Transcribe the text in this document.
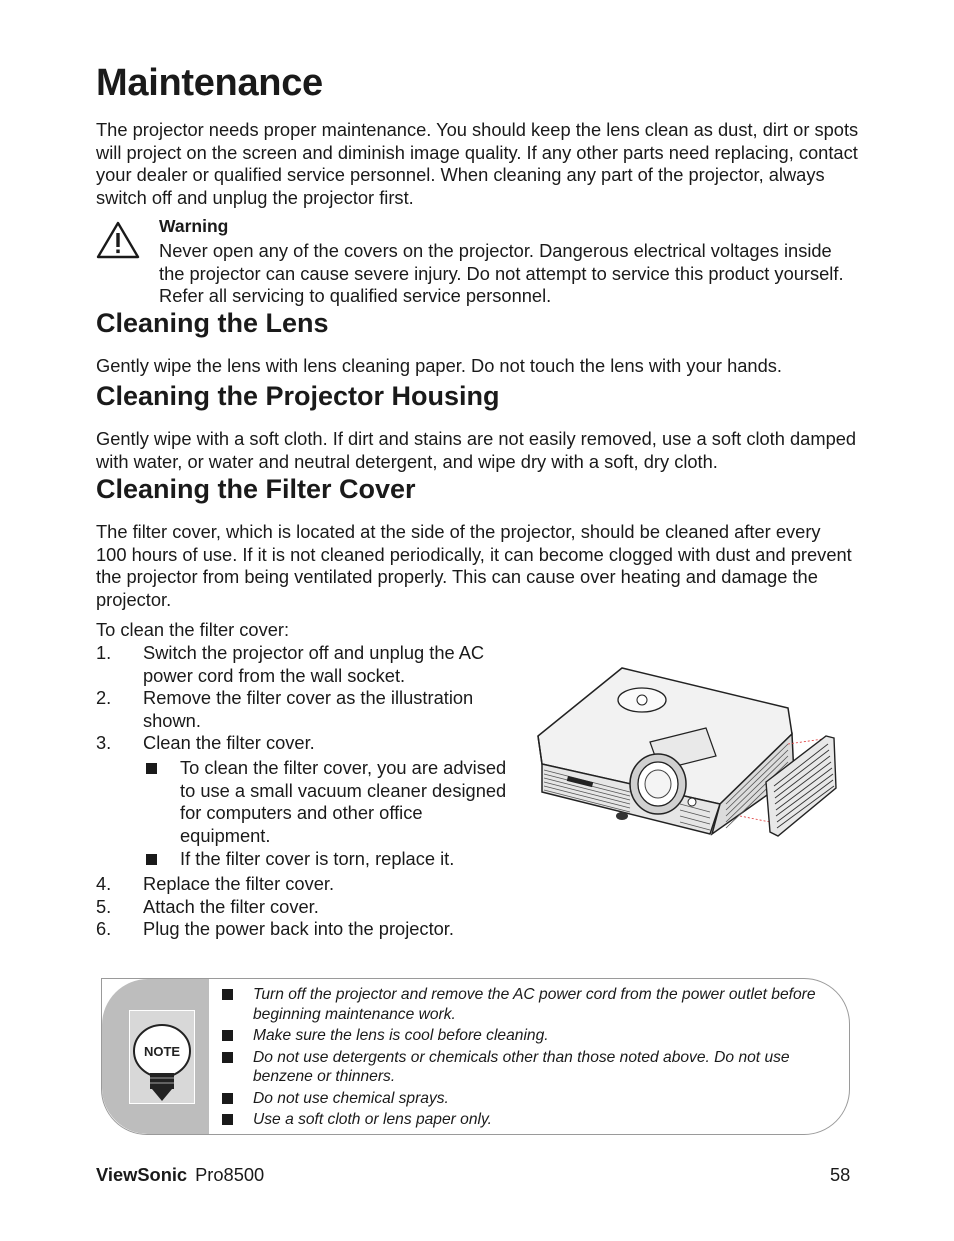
Maintenance

The projector needs proper maintenance. You should keep the lens clean as dust, dirt or spots will project on the screen and diminish image quality. If any other parts need replacing, contact your dealer or qualified service personnel. When cleaning any part of the projector, always switch off and unplug the projector first.

Warning

Never open any of the covers on the projector. Dangerous electrical voltages inside the projector can cause severe injury. Do not attempt to service this product yourself. Refer all servicing to qualified service personnel.

Cleaning the Lens

Gently wipe the lens with lens cleaning paper. Do not touch the lens with your hands.

Cleaning the Projector Housing

Gently wipe with a soft cloth. If dirt and stains are not easily removed, use a soft cloth damped with water, or water and neutral detergent, and wipe dry with a soft, dry cloth.

Cleaning the Filter Cover

The filter cover, which is located at the side of the projector, should be cleaned after every 100 hours of use. If it is not cleaned periodically, it can become clogged with dust and prevent the projector from being ventilated properly. This can cause over heating and damage the projector.

To clean the filter cover:
1. Switch the projector off and unplug the AC power cord from the wall socket.
2. Remove the filter cover as the illustration shown.
3. Clean the filter cover.
To clean the filter cover, you are advised to use a small vacuum cleaner designed for computers and other office equipment.
If the filter cover is torn, replace it.
4. Replace the filter cover.
5. Attach the filter cover.
6. Plug the power back into the projector.
NOTE
Turn off the projector and remove the AC power cord from the power outlet before beginning maintenance work.
Make sure the lens is cool before cleaning.
Do not use detergents or chemicals other than those noted above. Do not use benzene or thinners.
Do not use chemical sprays.
Use a soft cloth or lens paper only.
ViewSonic Pro8500	58
